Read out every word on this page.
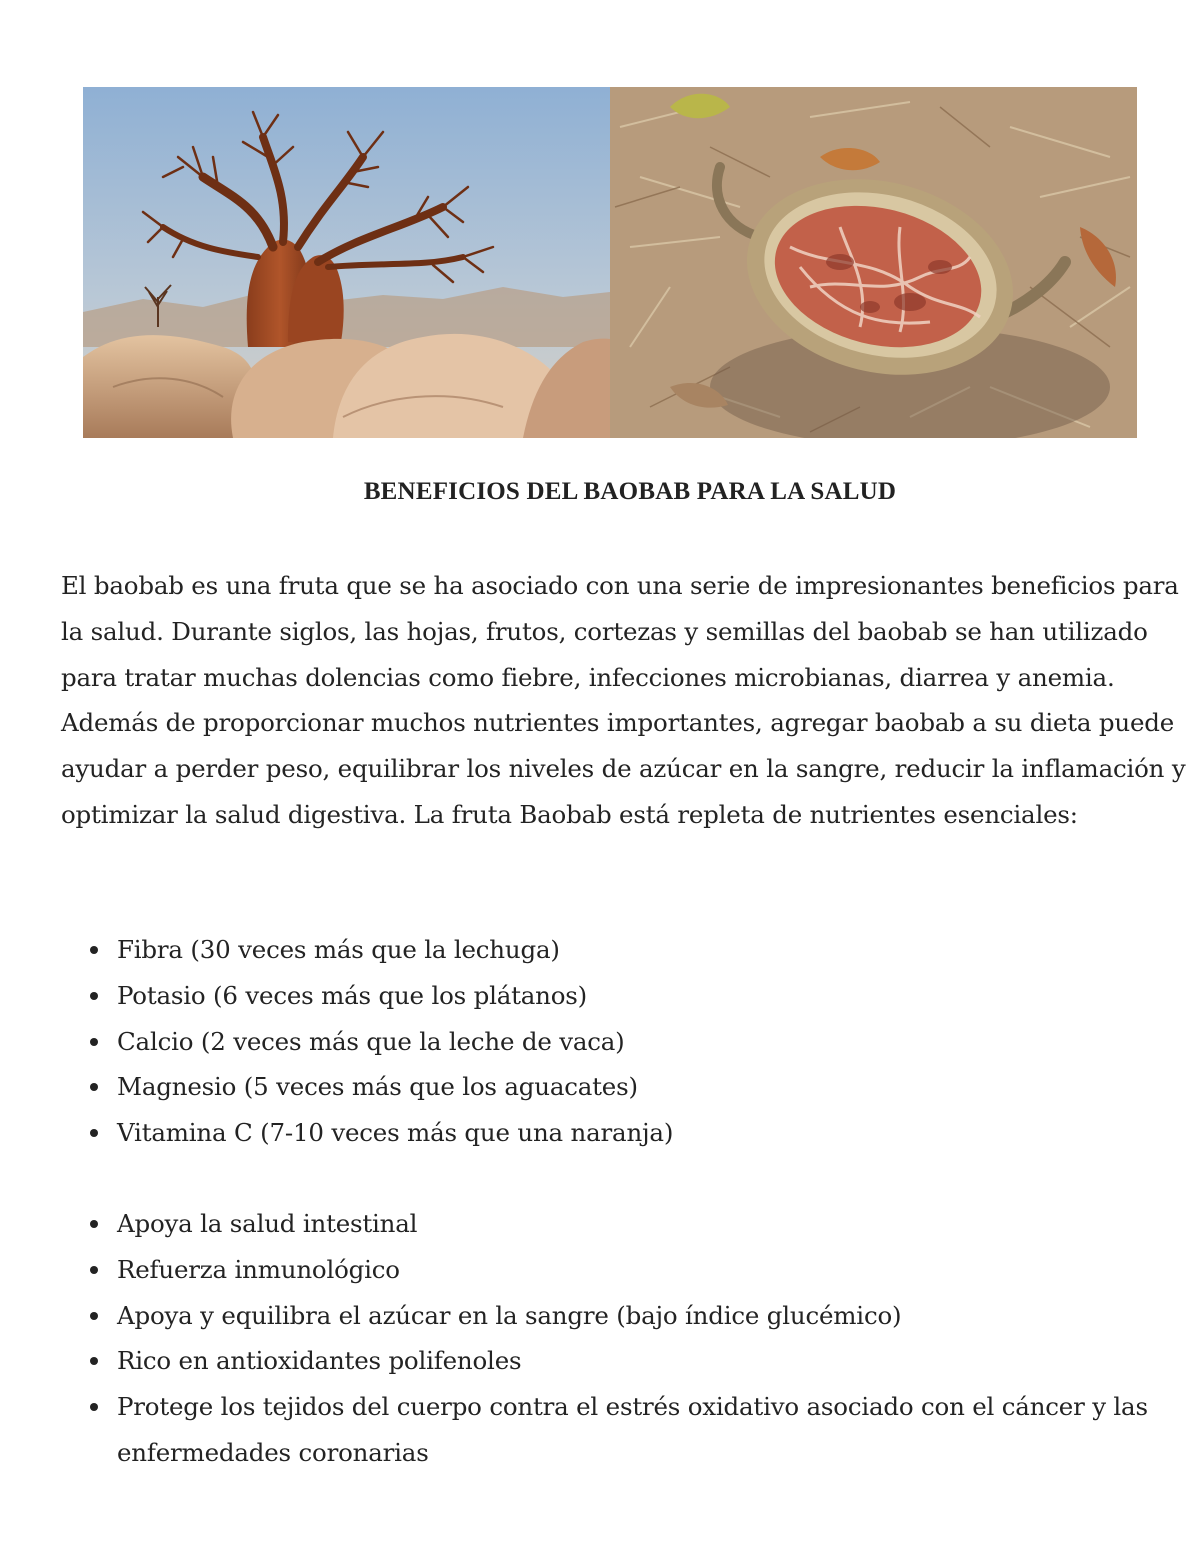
BENEFICIOS DEL BAOBAB PARA LA SALUD

El baobab es una fruta que se ha asociado con una serie de impresionantes beneficios para la salud. Durante siglos, las hojas, frutos, cortezas y semillas del baobab se han utilizado para tratar muchas dolencias como fiebre, infecciones microbianas, diarrea y anemia. Además de proporcionar muchos nutrientes importantes, agregar baobab a su dieta puede ayudar a perder peso, equilibrar los niveles de azúcar en la sangre, reducir la inflamación y optimizar la salud digestiva. La fruta Baobab está repleta de nutrientes esenciales:

Fibra (30 veces más que la lechuga)
Potasio (6 veces más que los plátanos)
Calcio (2 veces más que la leche de vaca)
Magnesio (5 veces más que los aguacates)
Vitamina C (7-10 veces más que una naranja)
Apoya la salud intestinal
Refuerza inmunológico
Apoya y equilibra el azúcar en la sangre (bajo índice glucémico)
Rico en antioxidantes polifenoles
Protege los tejidos del cuerpo contra el estrés oxidativo asociado con el cáncer y las enfermedades coronarias
